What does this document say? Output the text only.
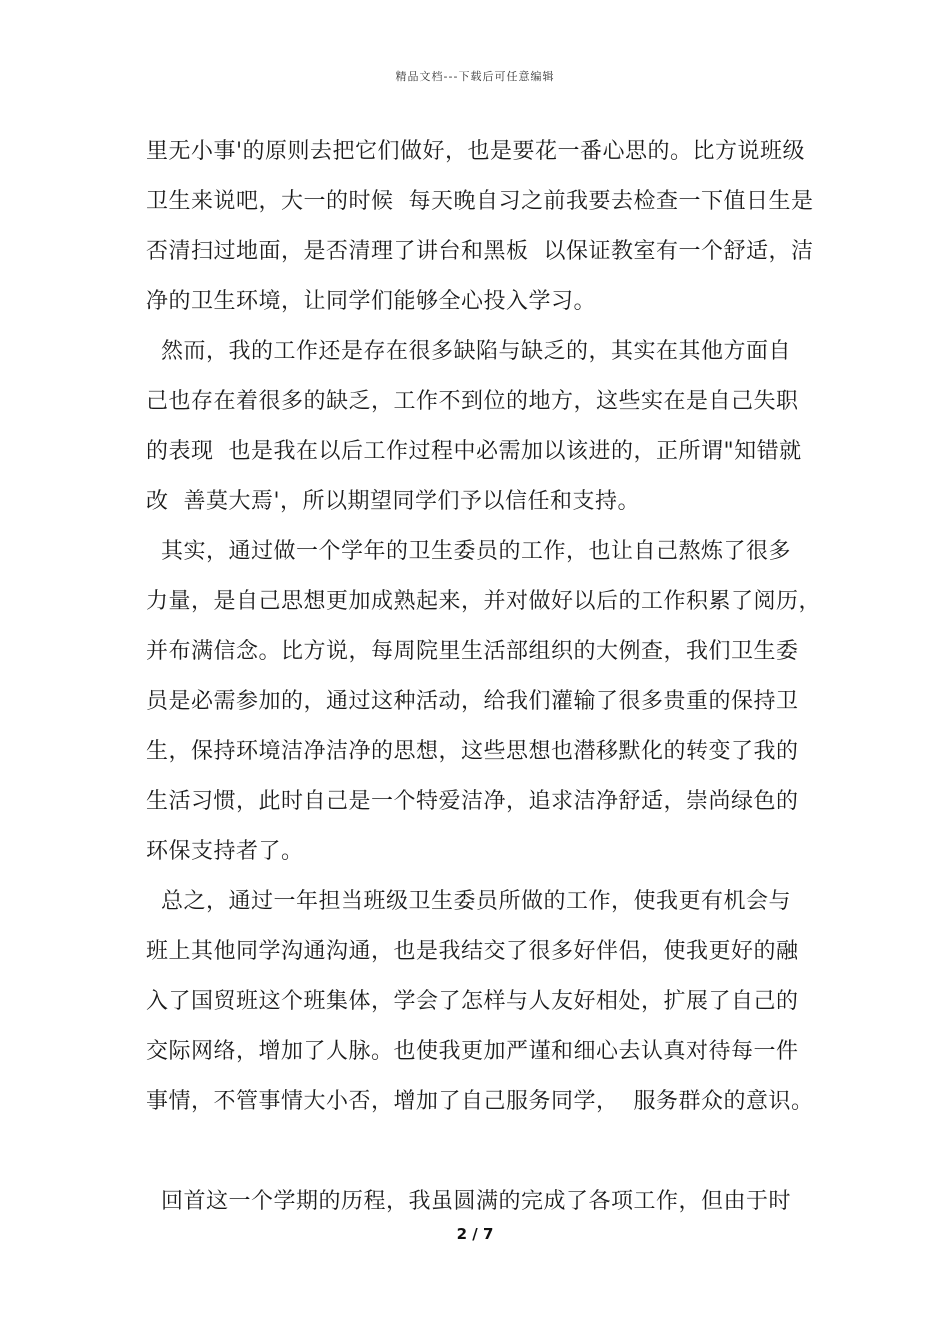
精品文档---下载后可任意编辑
里无小事'的原则去把它们做好，也是要花一番心思的。比方说班级
卫生来说吧，大一的时候  每天晚自习之前我要去检查一下值日生是
否清扫过地面，是否清理了讲台和黑板  以保证教室有一个舒适，洁
净的卫生环境，让同学们能够全心投入学习。
然而，我的工作还是存在很多缺陷与缺乏的，其实在其他方面自
己也存在着很多的缺乏，工作不到位的地方，这些实在是自己失职
的表现  也是我在以后工作过程中必需加以该进的，正所谓"知错就
改  善莫大焉'，所以期望同学们予以信任和支持。
其实，通过做一个学年的卫生委员的工作，也让自己熬炼了很多
力量，是自己思想更加成熟起来，并对做好以后的工作积累了阅历，
并布满信念。比方说，每周院里生活部组织的大例查，我们卫生委
员是必需参加的，通过这种活动，给我们灌输了很多贵重的保持卫
生，保持环境洁净洁净的思想，这些思想也潜移默化的转变了我的
生活习惯，此时自己是一个特爱洁净，追求洁净舒适，崇尚绿色的
环保支持者了。
总之，通过一年担当班级卫生委员所做的工作，使我更有机会与
班上其他同学沟通沟通，也是我结交了很多好伴侣，使我更好的融
入了国贸班这个班集体，学会了怎样与人友好相处，扩展了自己的
交际网络，增加了人脉。也使我更加严谨和细心去认真对待每一件
事情，不管事情大小否，增加了自己服务同学，  服务群众的意识。
回首这一个学期的历程，我虽圆满的完成了各项工作，但由于时
2 / 7
